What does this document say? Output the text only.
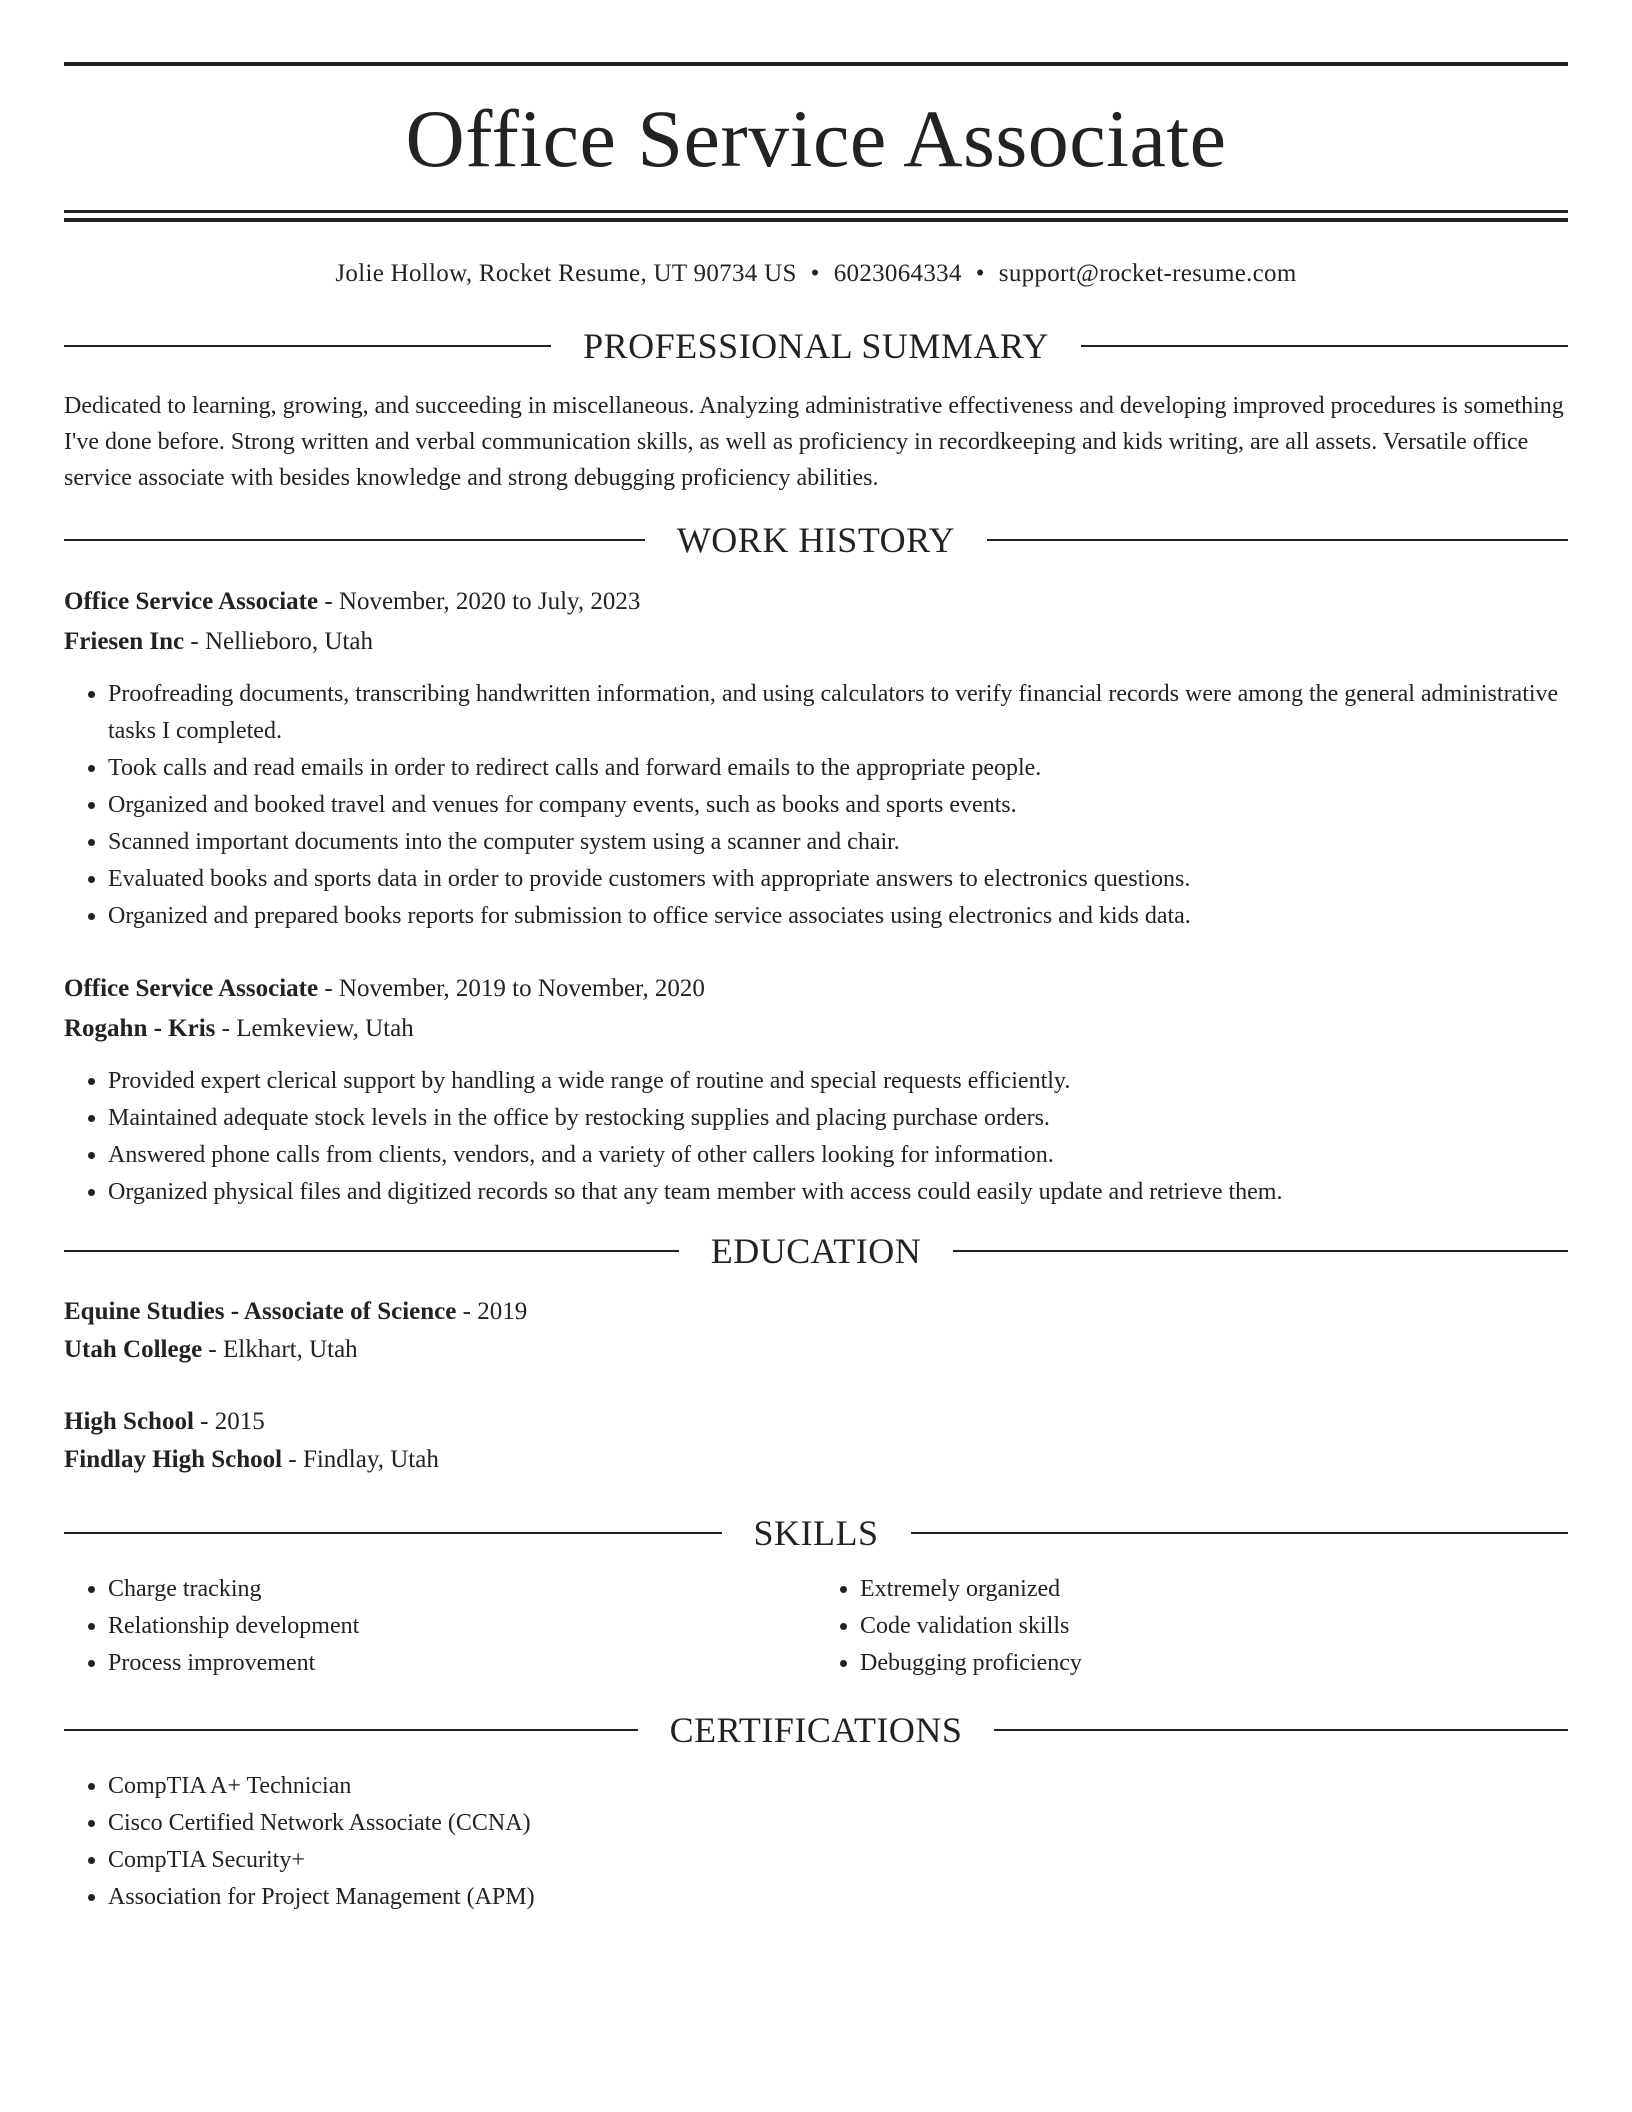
Office Service Associate
Jolie Hollow, Rocket Resume, UT 90734 US • 6023064334 • support@rocket-resume.com
PROFESSIONAL SUMMARY

Dedicated to learning, growing, and succeeding in miscellaneous. Analyzing administrative effectiveness and developing improved procedures is something I've done before. Strong written and verbal communication skills, as well as proficiency in recordkeeping and kids writing, are all assets. Versatile office service associate with besides knowledge and strong debugging proficiency abilities.

WORK HISTORY
Office Service Associate - November, 2020 to July, 2023
Friesen Inc - Nellieboro, Utah
• Proofreading documents, transcribing handwritten information, and using calculators to verify financial records were among the general administrative tasks I completed.
• Took calls and read emails in order to redirect calls and forward emails to the appropriate people.
• Organized and booked travel and venues for company events, such as books and sports events.
• Scanned important documents into the computer system using a scanner and chair.
• Evaluated books and sports data in order to provide customers with appropriate answers to electronics questions.
• Organized and prepared books reports for submission to office service associates using electronics and kids data.
Office Service Associate - November, 2019 to November, 2020
Rogahn - Kris - Lemkeview, Utah
• Provided expert clerical support by handling a wide range of routine and special requests efficiently.
• Maintained adequate stock levels in the office by restocking supplies and placing purchase orders.
• Answered phone calls from clients, vendors, and a variety of other callers looking for information.
• Organized physical files and digitized records so that any team member with access could easily update and retrieve them.
EDUCATION
Equine Studies - Associate of Science - 2019
Utah College - Elkhart, Utah
High School - 2015
Findlay High School - Findlay, Utah
SKILLS
• Charge tracking
• Relationship development
• Process improvement
• Extremely organized
• Code validation skills
• Debugging proficiency
CERTIFICATIONS
• CompTIA A+ Technician
• Cisco Certified Network Associate (CCNA)
• CompTIA Security+
• Association for Project Management (APM)
